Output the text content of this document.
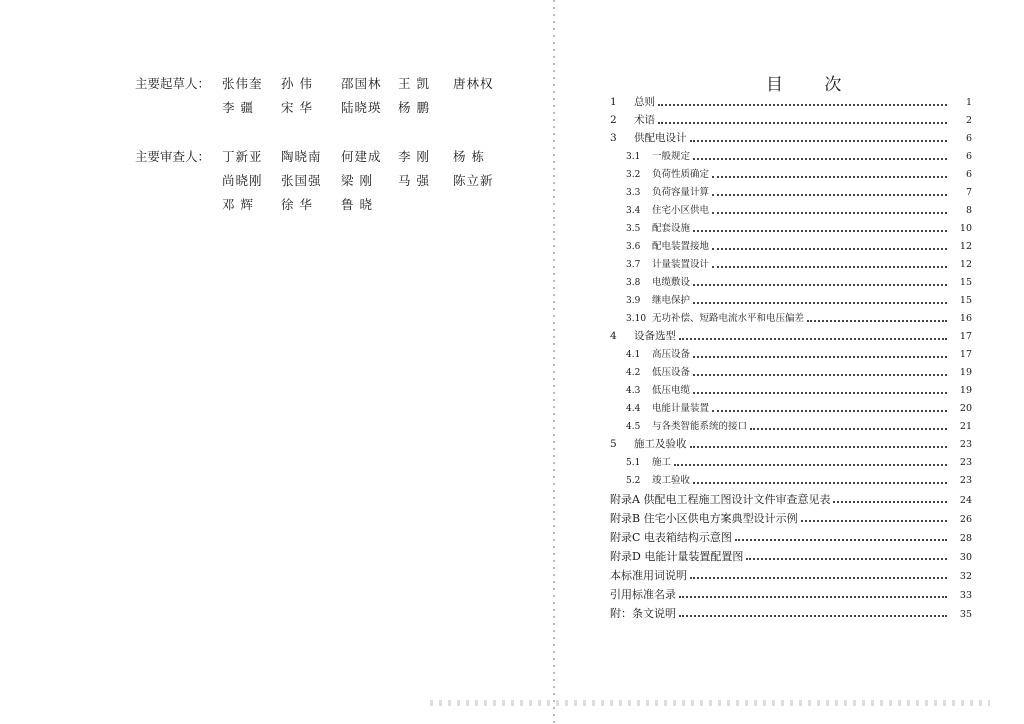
主要起草人： 张伟奎 孙 伟 邵国林 王 凯 唐林权
李 疆 宋 华 陆晓瑛 杨 鹏
主要审查人： 丁新亚 陶晓南 何建成 李 刚 杨 栋
尚晓刚 张国强 梁 刚 马 强 陈立新
邓 辉 徐 华 鲁 晓
目 次
1	总则	1
2	术语	2
3	供配电设计	6
3.1	一般规定	6
3.2	负荷性质确定	6
3.3	负荷容量计算	7
3.4	住宅小区供电	8
3.5	配套设施	10
3.6	配电装置接地	12
3.7	计量装置设计	12
3.8	电缆敷设	15
3.9	继电保护	15
3.10 无功补偿、短路电流水平和电压偏差	16
4	设备选型	17
4.1	高压设备	17
4.2	低压设备	19
4.3	低压电缆	19
4.4	电能计量装置	20
4.5	与各类智能系统的接口	21
5	施工及验收	23
5.1	施工	23
5.2	竣工验收	23
附录A 供配电工程施工图设计文件审查意见表	24
附录B 住宅小区供电方案典型设计示例	26
附录C 电表箱结构示意图	28
附录D 电能计量装置配置图	30
本标准用词说明	32
引用标准名录	33
附：条文说明	35
